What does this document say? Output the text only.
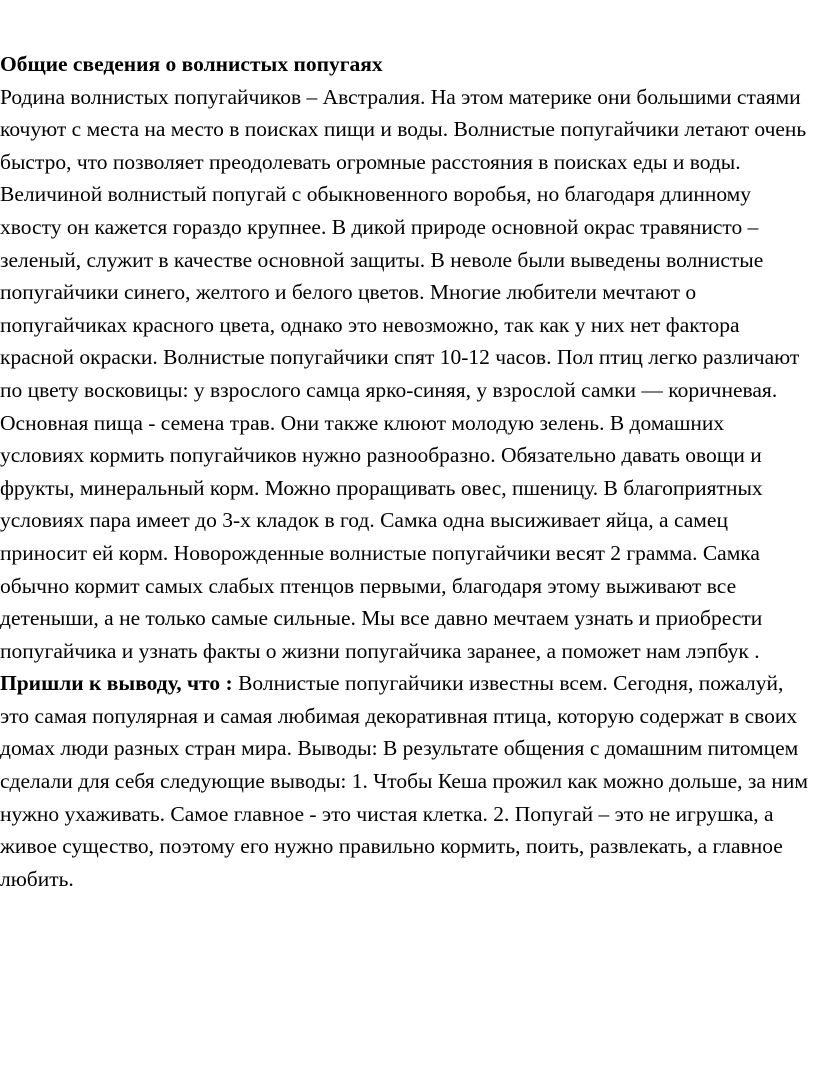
Общие сведения о волнистых попугаях

Родина волнистых попугайчиков – Австралия. На этом материке они большими стаями кочуют с места на место в поисках пищи и воды. Волнистые попугайчики летают очень быстро, что позволяет преодолевать огромные расстояния в поисках еды и воды. Величиной волнистый попугай с обыкновенного воробья, но благодаря длинному хвосту он кажется гораздо крупнее. В дикой природе основной окрас травянисто – зеленый, служит в качестве основной защиты. В неволе были выведены волнистые попугайчики синего, желтого и белого цветов. Многие любители мечтают о попугайчиках красного цвета, однако это невозможно, так как у них нет фактора красной окраски. Волнистые попугайчики спят 10-12 часов. Пол птиц легко различают по цвету восковицы: у взрослого самца ярко-синяя, у взрослой самки — коричневая. Основная пища - семена трав. Они также клюют молодую зелень. В домашних условиях кормить попугайчиков нужно разнообразно. Обязательно давать овощи и фрукты, минеральный корм. Можно проращивать овес, пшеницу. В благоприятных условиях пара имеет до 3-х кладок в год. Самка одна высиживает яйца, а самец приносит ей корм. Новорожденные волнистые попугайчики весят 2 грамма. Самка обычно кормит самых слабых птенцов первыми, благодаря этому выживают все детеныши, а не только самые сильные. Мы все давно мечтаем узнать и приобрести попугайчика и узнать факты о жизни попугайчика заранее, а поможет нам лэпбук .

Пришли к выводу, что : Волнистые попугайчики известны всем. Сегодня, пожалуй, это самая популярная и самая любимая декоративная птица, которую содержат в своих домах люди разных стран мира. Выводы: В результате общения с домашним питомцем сделали для себя следующие выводы: 1. Чтобы Кеша прожил как можно дольше, за ним нужно ухаживать. Самое главное - это чистая клетка. 2. Попугай – это не игрушка, а живое существо, поэтому его нужно правильно кормить, поить, развлекать, а главное любить.
